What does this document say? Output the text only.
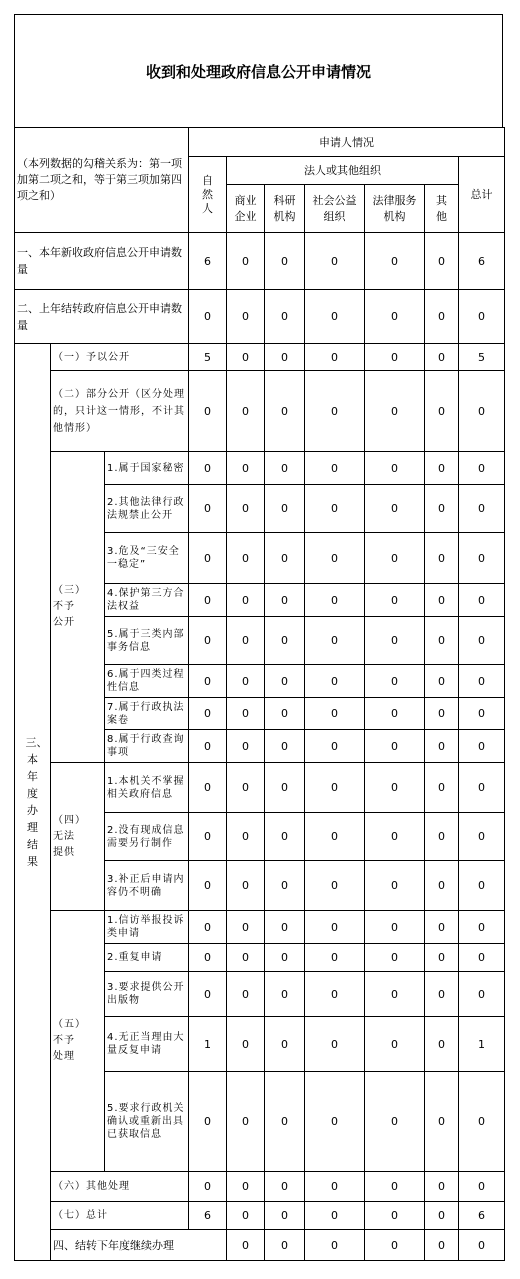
收到和处理政府信息公开申请情况
（本列数据的勾稽关系为：第一项加第二项之和，等于第三项加第四项之和）			申请人情况							
			自然人	法人或其他组织					总计	
				商业企业	科研机构	社会公益组织	法律服务机构	其他		
一、本年新收政府信息公开申请数量			6	0	0	0	0	0	6	
二、上年结转政府信息公开申请数量			0	0	0	0	0	0	0	
三、本年度办理结果	（一）予以公开		5	0	0	0	0	0	5	
	（二）部分公开（区分处理的，只计这一情形，不计其他情形）		0	0	0	0	0	0	0	
	（三）不予公开	1.属于国家秘密	0	0	0	0	0	0	0	
		2.其他法律行政法规禁止公开	0	0	0	0	0	0	0	
		3.危及“三安全一稳定”	0	0	0	0	0	0	0	
		4.保护第三方合法权益	0	0	0	0	0	0	0	
		5.属于三类内部事务信息	0	0	0	0	0	0	0	
		6.属于四类过程性信息	0	0	0	0	0	0	0	
		7.属于行政执法案卷	0	0	0	0	0	0	0	
		8.属于行政查询事项	0	0	0	0	0	0	0	
	（四）无法提供	1.本机关不掌握相关政府信息	0	0	0	0	0	0	0	
		2.没有现成信息需要另行制作	0	0	0	0	0	0	0	
		3.补正后申请内容仍不明确	0	0	0	0	0	0	0	
	（五）不予处理	1.信访举报投诉类申请	0	0	0	0	0	0	0	
		2.重复申请	0	0	0	0	0	0	0	
		3.要求提供公开出版物	0	0	0	0	0	0	0	
		4.无正当理由大量反复申请	1	0	0	0	0	0	1	
		5.要求行政机关确认或重新出具已获取信息	0	0	0	0	0	0	0	
	（六）其他处理		0	0	0	0	0	0	0	
	（七）总计		6	0	0	0	0	0	6	
	四、结转下年度继续办理			0	0	0	0	0	0	
